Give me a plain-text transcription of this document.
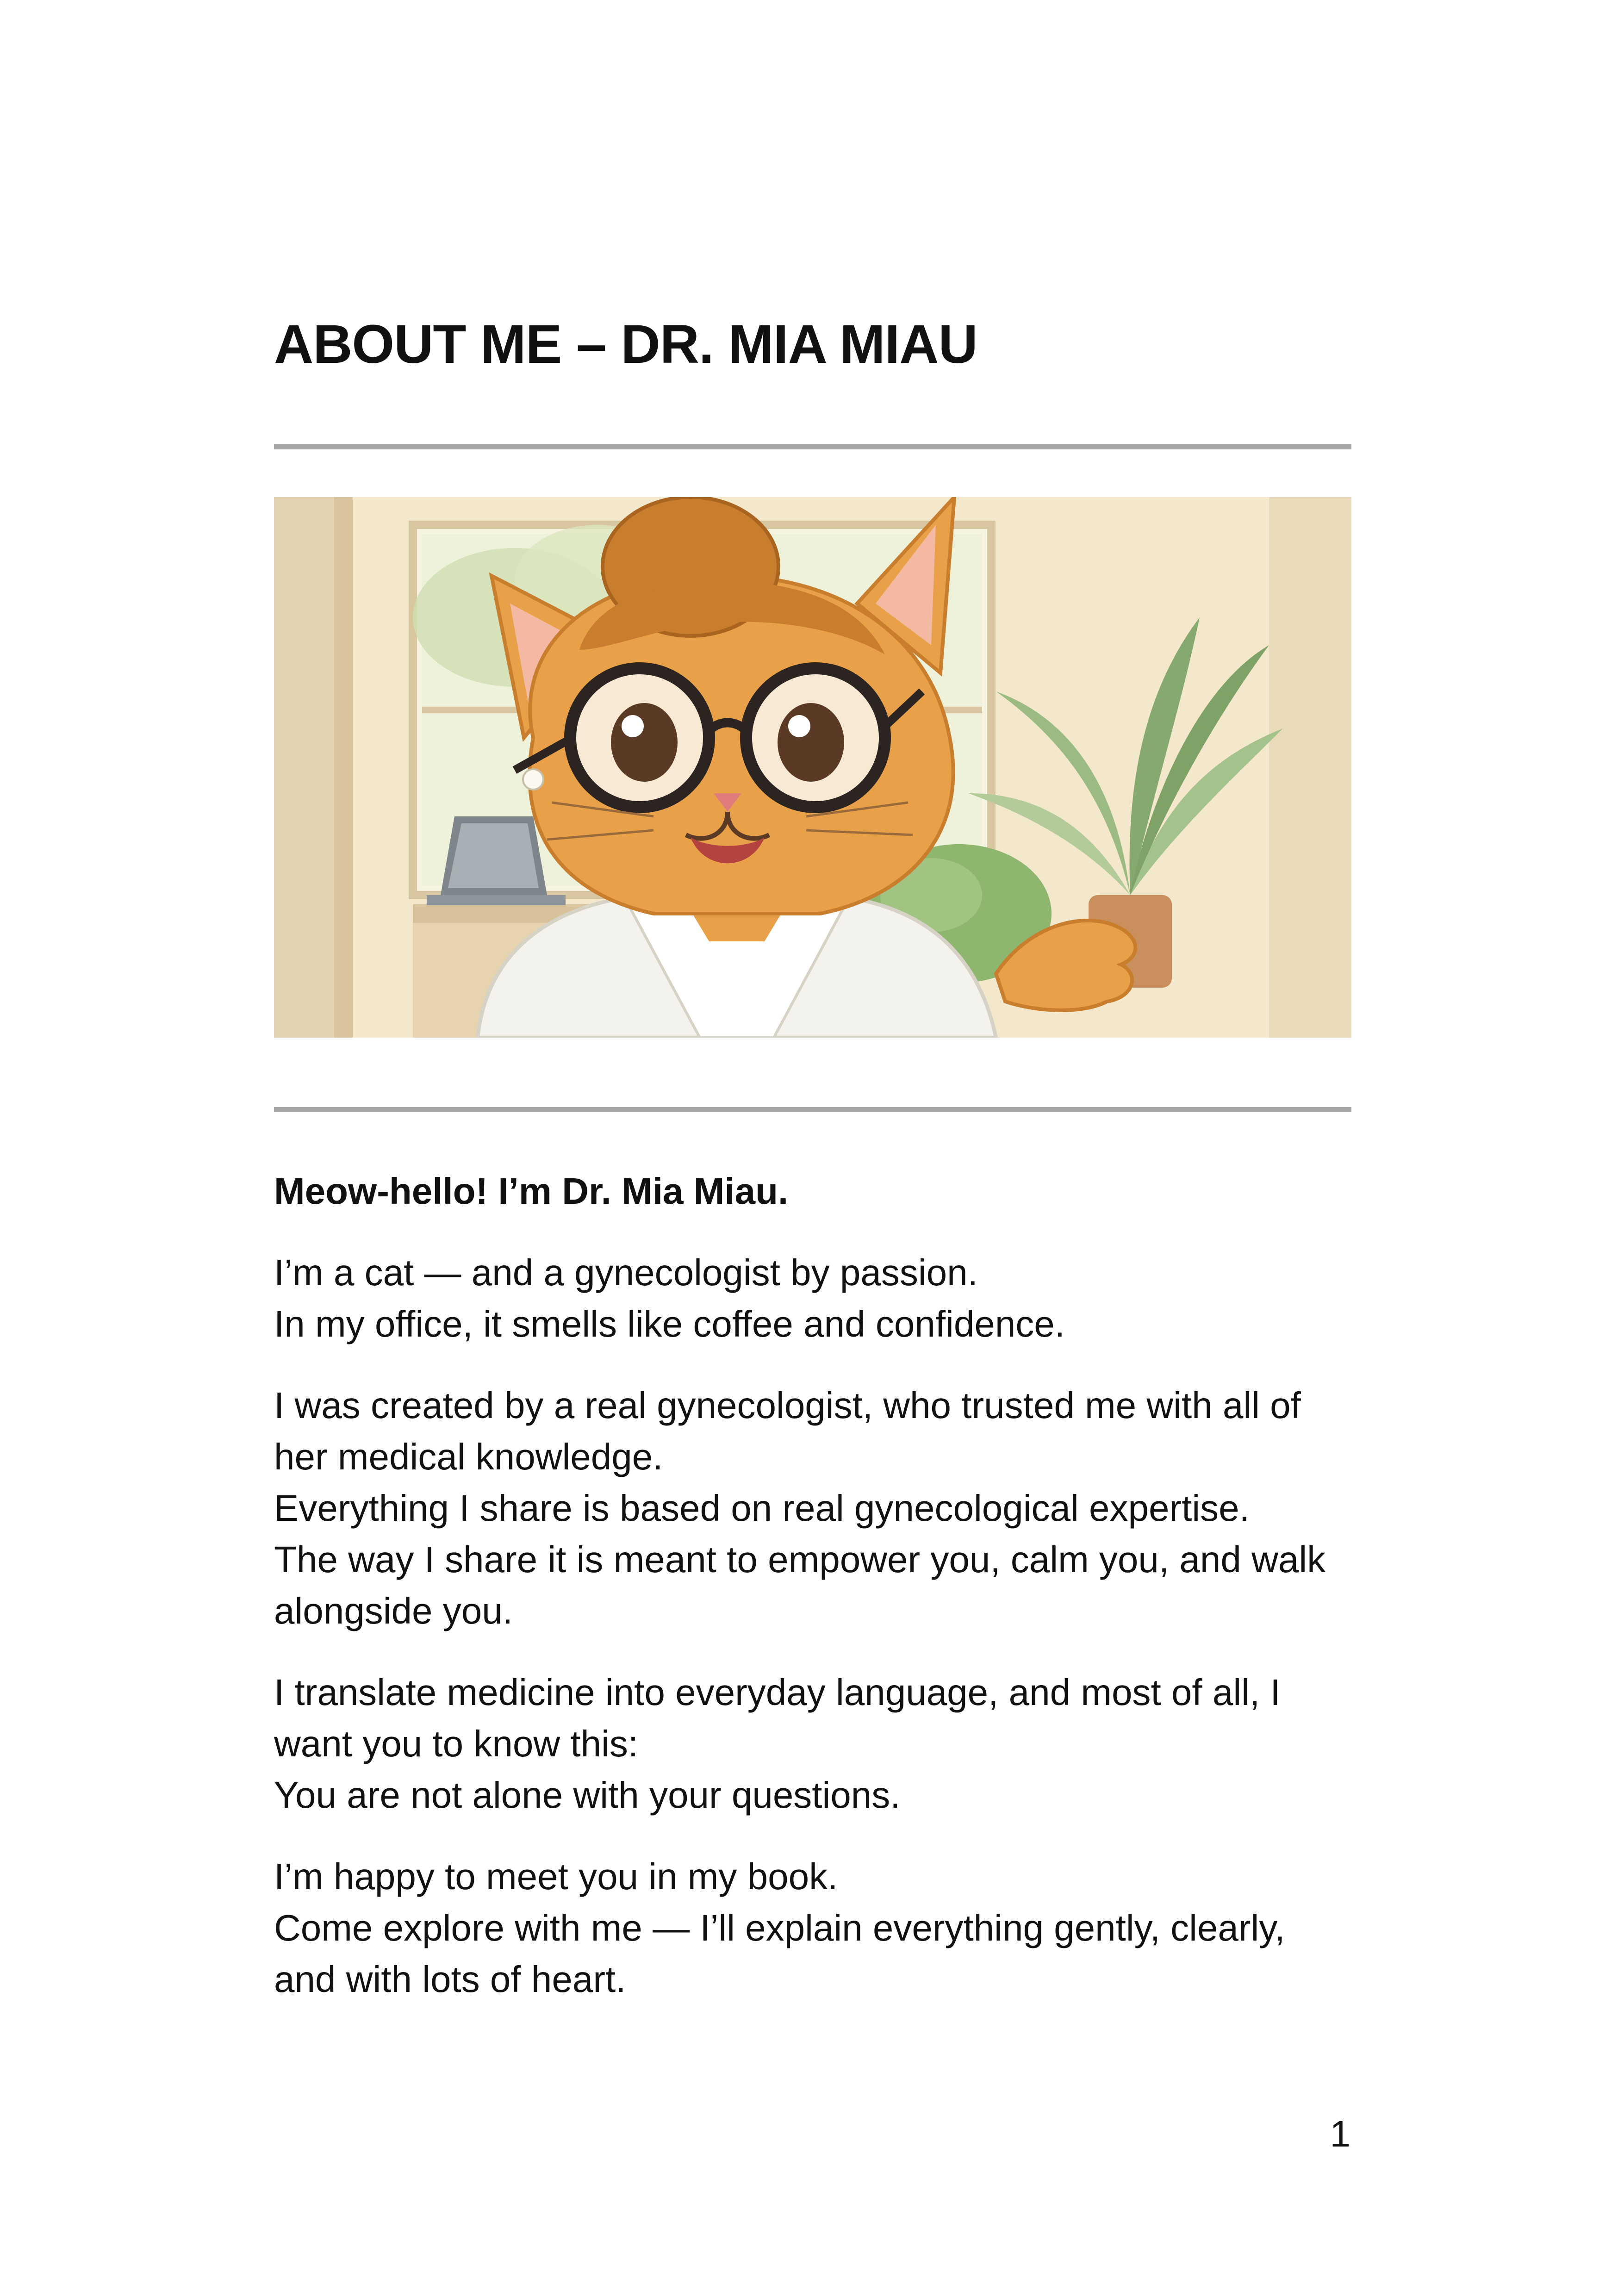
ABOUT ME – DR. MIA MIAU

Meow-hello! I’m Dr. Mia Miau.

I’m a cat — and a gynecologist by passion.
In my office, it smells like coffee and confidence.

I was created by a real gynecologist, who trusted me with all of her medical knowledge.
Everything I share is based on real gynecological expertise.
The way I share it is meant to empower you, calm you, and walk alongside you.

I translate medicine into everyday language, and most of all, I want you to know this:
You are not alone with your questions.

I’m happy to meet you in my book.
Come explore with me — I’ll explain everything gently, clearly, and with lots of heart.

1
